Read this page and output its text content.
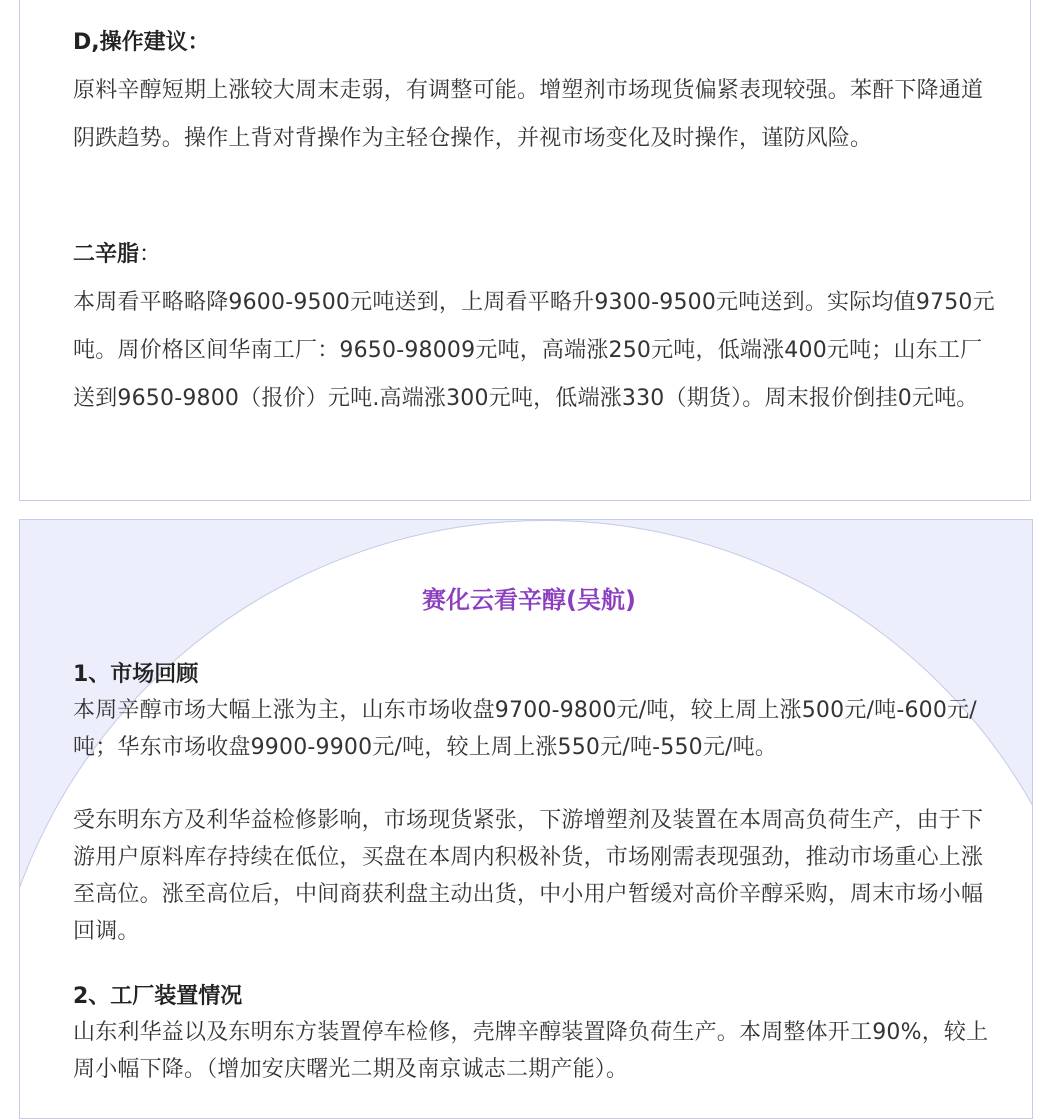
D,操作建议：

原料辛醇短期上涨较大周末走弱，有调整可能。增塑剂市场现货偏紧表现较强。苯酐下降通道阴跌趋势。操作上背对背操作为主轻仓操作，并视市场变化及时操作，谨防风险。

二辛脂：

本周看平略略降9600-9500元吨送到，上周看平略升9300-9500元吨送到。实际均值9750元吨。周价格区间华南工厂：9650-98009元吨，高端涨250元吨，低端涨400元吨；山东工厂送到9650-9800（报价）元吨.高端涨300元吨，低端涨330（期货）。周末报价倒挂0元吨。

赛化云看辛醇(吴航)

1、市场回顾

本周辛醇市场大幅上涨为主，山东市场收盘9700-9800元/吨，较上周上涨500元/吨-600元/吨；华东市场收盘9900-9900元/吨，较上周上涨550元/吨-550元/吨。

受东明东方及利华益检修影响，市场现货紧张，下游增塑剂及装置在本周高负荷生产，由于下游用户原料库存持续在低位，买盘在本周内积极补货，市场刚需表现强劲，推动市场重心上涨至高位。涨至高位后，中间商获利盘主动出货，中小用户暂缓对高价辛醇采购，周末市场小幅回调。

2、工厂装置情况

山东利华益以及东明东方装置停车检修，壳牌辛醇装置降负荷生产。本周整体开工90%，较上周小幅下降。（增加安庆曙光二期及南京诚志二期产能）。
